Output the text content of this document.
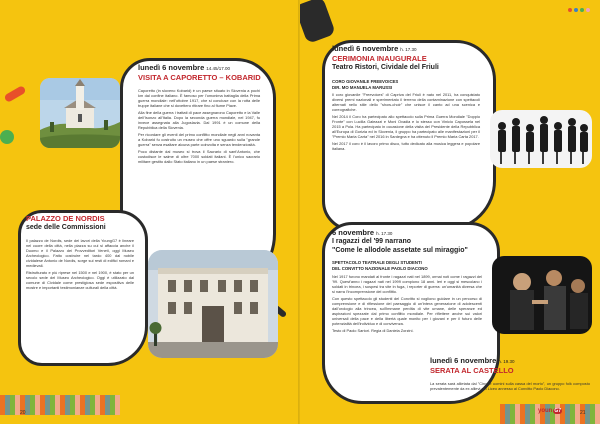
lunedì 6 novembre 14.45/17.00
VISITA A CAPORETTO – KOBARID

Caporetto (in sloveno Kobarid) è un paese situato in Slovenia a pochi km dal confine italiano. È famoso per l'omonima battaglia della Prima guerra mondiale: nell'ottobre 1917, che si concluse con la rotta delle truppe italiane che si dovettero ritirare fino al fiume Piave.

Alla fine della guerra i trattati di pace assegnarono Caporetto e la Valle dell'Isonzo all'Italia. Dopo la seconda guerra mondiale, nel 1947, fu invece assegnata alla Jugoslavia. Dal 1991 è un comune della Repubblica della Slovenia.

Per ricordare gli eventi del primo conflitto mondiale negli anni novanta a Kobarid fu costruito un museo che offre uno sguardo sulla "grande guerra" senza esaltare alcuna parte coinvolta e senza tendenziosità.

Poco distante dal museo si trova il Sacrario di sant'Antonio, che custodisce le salme di oltre 7000 soldati italiani. È l'unico sacrario militare gestito dallo Stato italiano in un paese straniero.

PALAZZO DE NORDIS
sede delle Commissioni

Il palazzo de Nordis, sede dei lavori della YoungG7 è lineare nel cuore della città, nella piazza su cui si affaccia anche il Duomo e il Palazzo dei Provveditori Veneti, oggi Museo Archeologico. Fatto costruire nel tardo 400 dal nobile cividalese Antonio de Nordis, sorge sui resti di edifici romani e medievali.

Ristrutturato e più riprese nel 1500 e nel 1900, è stato per un secolo sede del Museo Archeologico. Oggi è utilizzato dal comune di Cividale come prestigiosa sede espositiva delle mostre e importanti testimonianze culturali della città.

20
lunedì 6 novembre h. 17.30
CERIMONIA INAUGURALE
Teatro Ristori, Cividale del Friuli
CORO GIOVANILE FREEVOICES
DIR. MO MANUELA MARUSSI

Il coro giovanile "Freevoices" di Capriva del Friuli è nato nel 2011, ha conquistato diversi premi nazionali e sperimentato il terreno della contaminazione con spettacoli alternati nello stile dello "show-choir" che unisce il canto ad una scenica e coreografiche.

Nel 2014 il Coro ha partecipato allo spettacolo sulla Prima Guerra Mondiale "Doppio Fronte" con Lucilla Galeazzi e Moni Ovadia e lo stesso con Vinicio Capossela nel 2015 a Pola. Ha partecipato in occasione della visita del Presidente della Repubblica all'Europa di Gorizia ed in Slovenia, il gruppo ha partecipato alle manifestazioni per il "Premio Maria Carta" nel 2016 in Sardegna e ha ottenuto il Premio Maria Carta 2017.

Nel 2017 il coro è il lavoro primo disco, tutto dedicato alla musica leggera e popolare italiana.

6 novembre h. 17.30
I ragazzi del '99 narrano
"Come le allodole assetate sul miraggio"
SPETTACOLO TEATRALE DEGLI STUDENTI
DEL CONVITTO NAZIONALE PAOLO DIACONO

Nel 1917 furono mandati al fronte i ragazzi nati nel 1899, ormai noti come i ragazzi del '99. Quest'anno i ragazzi nati nel 1999 compiono 18 anni. Ieri e oggi si mescolano i soldati in trincea, i sospesi tra vite in fuga, i reporter di guerra: un'umanità diversa che si narra l'incomprensione del conflitto.

Con questo spettacolo gli studenti del Convitto si vogliono guidare in un percorso di comprensione e di riflessione del paesaggio di un'intera generazione di adolescenti dall'orologio alla trincea, sull'immane perdita di vite umane, delle speranze ed aspirazioni spezzate dal primo conflitto mondiale. Per riflettere anche sui valori universali della pace e della libertà quale monito per i giovani e per il futuro delle potenzialità dell'individuo e di convivenza.

Testo di Paolo Sartori. Regia di Daniela Zorzini.

lunedì 6 novembre h. 19.30
SERATA AL CASTELLO
La serata sarà allietata dal "Cinque uomini sulla cassa del morto", un gruppo folk composto prevalentemente da ex allievi del Liceo annesso al Convitto Paolo Diacono.
youn G7	21
